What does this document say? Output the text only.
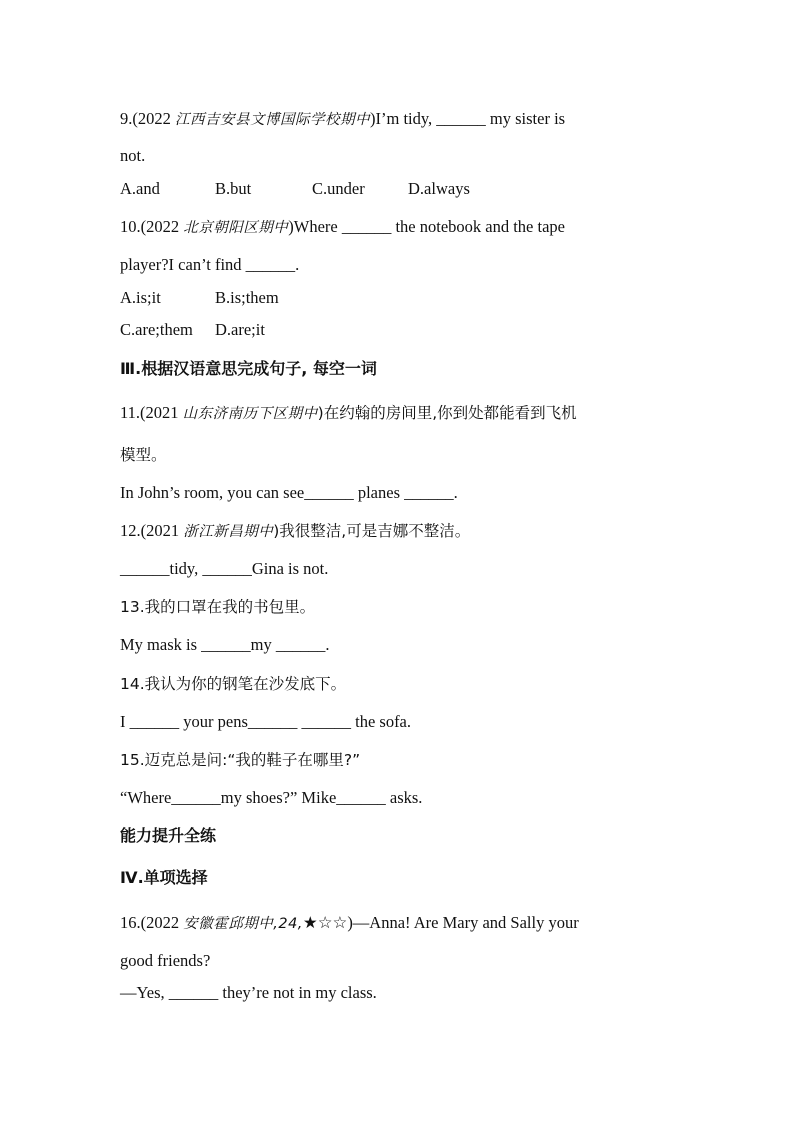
9.(2022 江西吉安县文博国际学校期中)I’m tidy, ______ my sister is
not.
A.and	B.but	C.under	D.always
10.(2022 北京朝阳区期中)Where ______ the notebook and the tape
player?I can’t find ______.
A.is;it	B.is;them
C.are;them D.are;it
Ⅲ.根据汉语意思完成句子, 每空一词
11.(2021 山东济南历下区期中)在约翰的房间里,你到处都能看到飞机
模型。
In John’s room, you can see______ planes ______.
12.(2021 浙江新昌期中)我很整洁,可是吉娜不整洁。
______tidy, ______Gina is not.
13.我的口罩在我的书包里。
My mask is ______my ______.
14.我认为你的钢笔在沙发底下。
I ______ your pens______ ______ the sofa.
15.迈克总是问:“我的鞋子在哪里?”
“Where______my shoes?” Mike______ asks.
能力提升全练
Ⅳ.单项选择
16.(2022 安徽霍邱期中,24,★☆☆)—Anna! Are Mary and Sally your
good friends?
—Yes, ______ they’re not in my class.
